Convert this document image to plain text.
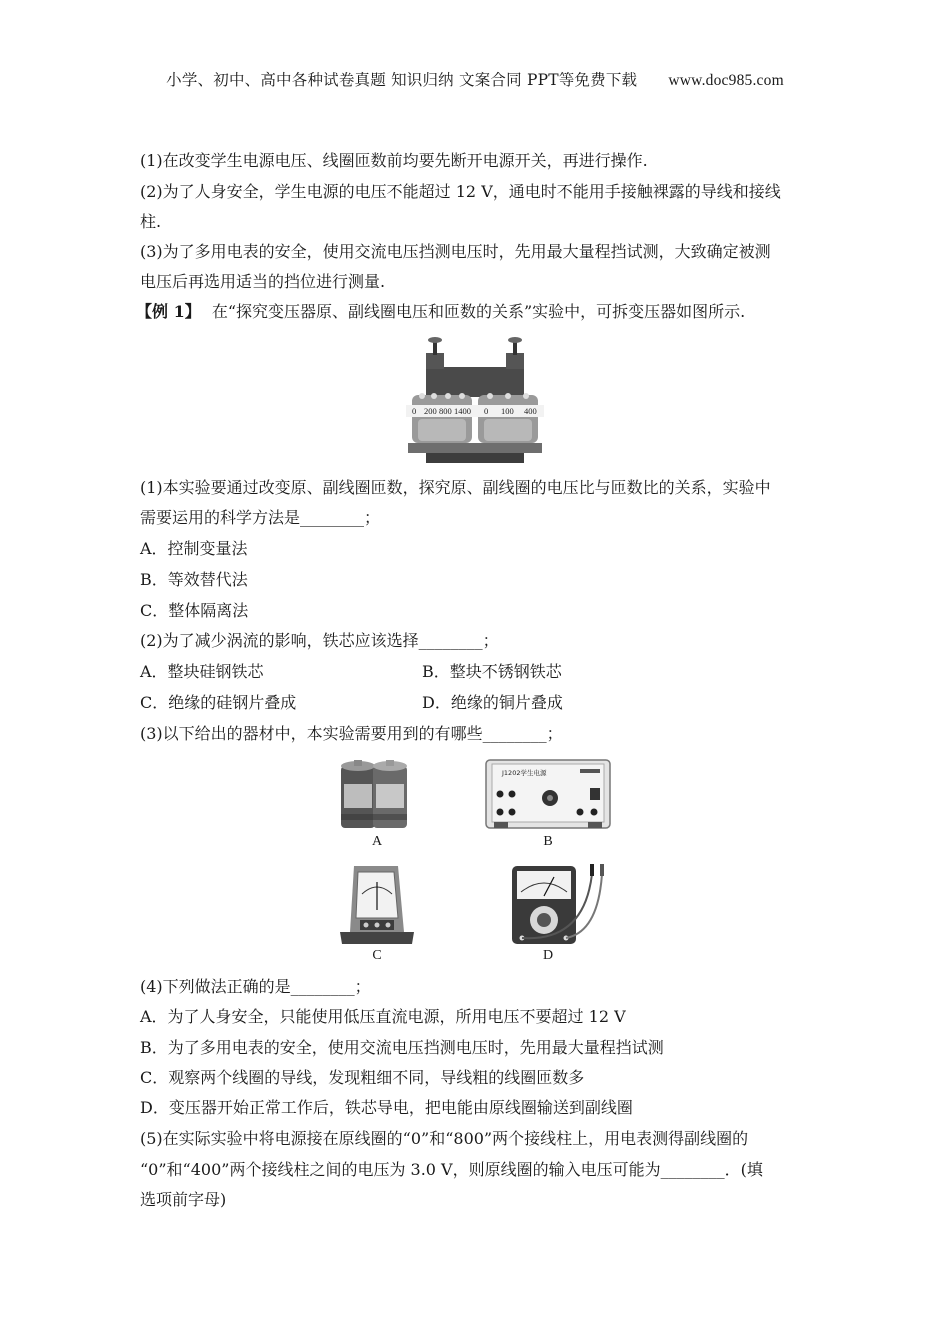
小学、初中、高中各种试卷真题 知识归纳 文案合同 PPT等免费下载 www.doc985.com
(1)在改变学生电源电压、线圈匝数前均要先断开电源开关，再进行操作.
(2)为了人身安全，学生电源的电压不能超过 12 V，通电时不能用手接触裸露的导线和接线
柱.
(3)为了多用电表的安全，使用交流电压挡测电压时，先用最大量程挡试测，大致确定被测
电压后再选用适当的挡位进行测量.
【例 1】 在“探究变压器原、副线圈电压和匝数的关系”实验中，可拆变压器如图所示.
0 200 800 1400 0 100 400
(1)本实验要通过改变原、副线圈匝数，探究原、副线圈的电压比与匝数比的关系，实验中
需要运用的科学方法是________；
A．控制变量法
B．等效替代法
C．整体隔离法
(2)为了减少涡流的影响，铁芯应该选择________；
A．整块硅钢铁芯	B．整块不锈钢铁芯
C．绝缘的硅钢片叠成	D．绝缘的铜片叠成
(3)以下给出的器材中，本实验需要用到的有哪些________；
A
J1202学生电源
B
C	D
(4)下列做法正确的是________；
A．为了人身安全，只能使用低压直流电源，所用电压不要超过 12 V
B．为了多用电表的安全，使用交流电压挡测电压时，先用最大量程挡试测
C．观察两个线圈的导线，发现粗细不同，导线粗的线圈匝数多
D．变压器开始正常工作后，铁芯导电，把电能由原线圈输送到副线圈
(5)在实际实验中将电源接在原线圈的“0”和“800”两个接线柱上，用电表测得副线圈的
“0”和“400”两个接线柱之间的电压为 3.0 V，则原线圈的输入电压可能为________．(填
选项前字母)
